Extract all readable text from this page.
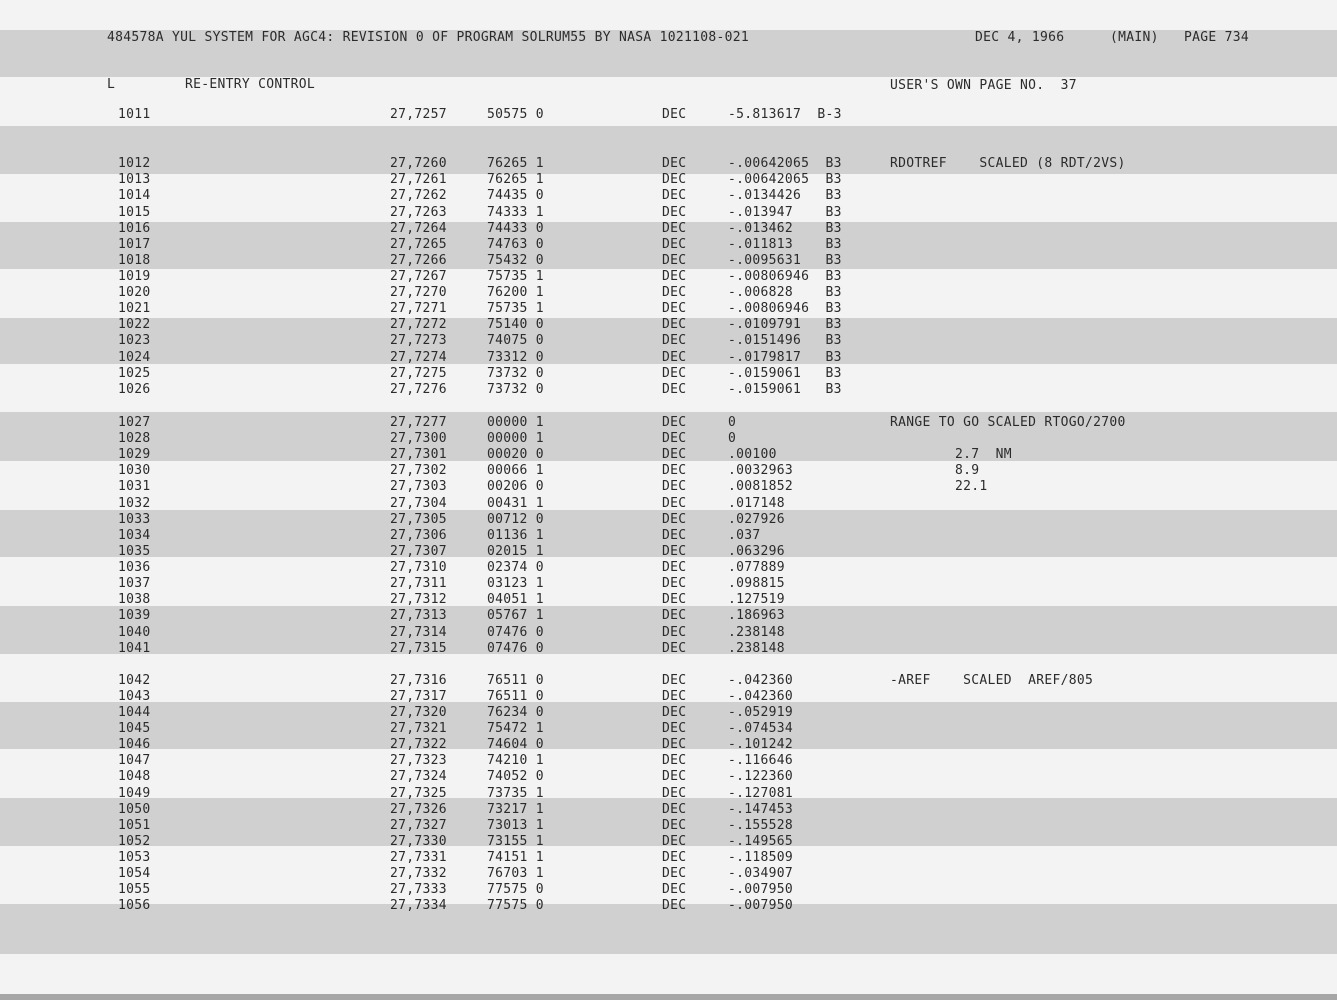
484578A YUL SYSTEM FOR AGC4: REVISION 0 OF PROGRAM SOLRUM55 BY NASA 1021108-021	DEC 4, 1966	(MAIN) PAGE 734
L	RE-ENTRY CONTROL	USER'S OWN PAGE NO.  37
1011	27,7257	50575 0	DEC	-5.813617  B-3
1012	27,7260	76265 1	DEC	-.00642065  B3	RDOTREF    SCALED (8 RDT/2VS)
1013	27,7261	76265 1	DEC	-.00642065  B3
1014	27,7262	74435 0	DEC	-.0134426   B3
1015	27,7263	74333 1	DEC	-.013947    B3
1016	27,7264	74433 0	DEC	-.013462    B3
1017	27,7265	74763 0	DEC	-.011813    B3
1018	27,7266	75432 0	DEC	-.0095631   B3
1019	27,7267	75735 1	DEC	-.00806946  B3
1020	27,7270	76200 1	DEC	-.006828    B3
1021	27,7271	75735 1	DEC	-.00806946  B3
1022	27,7272	75140 0	DEC	-.0109791   B3
1023	27,7273	74075 0	DEC	-.0151496   B3
1024	27,7274	73312 0	DEC	-.0179817   B3
1025	27,7275	73732 0	DEC	-.0159061   B3
1026	27,7276	73732 0	DEC	-.0159061   B3
1027	27,7277	00000 1	DEC	0	RANGE TO GO SCALED RTOGO/2700
1028	27,7300	00000 1	DEC	0
1029	27,7301	00020 0	DEC	.00100	2.7  NM
1030	27,7302	00066 1	DEC	.0032963	8.9
1031	27,7303	00206 0	DEC	.0081852	22.1
1032	27,7304	00431 1	DEC	.017148
1033	27,7305	00712 0	DEC	.027926
1034	27,7306	01136 1	DEC	.037
1035	27,7307	02015 1	DEC	.063296
1036	27,7310	02374 0	DEC	.077889
1037	27,7311	03123 1	DEC	.098815
1038	27,7312	04051 1	DEC	.127519
1039	27,7313	05767 1	DEC	.186963
1040	27,7314	07476 0	DEC	.238148
1041	27,7315	07476 0	DEC	.238148
1042	27,7316	76511 0	DEC	-.042360	-AREF    SCALED  AREF/805
1043	27,7317	76511 0	DEC	-.042360
1044	27,7320	76234 0	DEC	-.052919
1045	27,7321	75472 1	DEC	-.074534
1046	27,7322	74604 0	DEC	-.101242
1047	27,7323	74210 1	DEC	-.116646
1048	27,7324	74052 0	DEC	-.122360
1049	27,7325	73735 1	DEC	-.127081
1050	27,7326	73217 1	DEC	-.147453
1051	27,7327	73013 1	DEC	-.155528
1052	27,7330	73155 1	DEC	-.149565
1053	27,7331	74151 1	DEC	-.118509
1054	27,7332	76703 1	DEC	-.034907
1055	27,7333	77575 0	DEC	-.007950
1056	27,7334	77575 0	DEC	-.007950
